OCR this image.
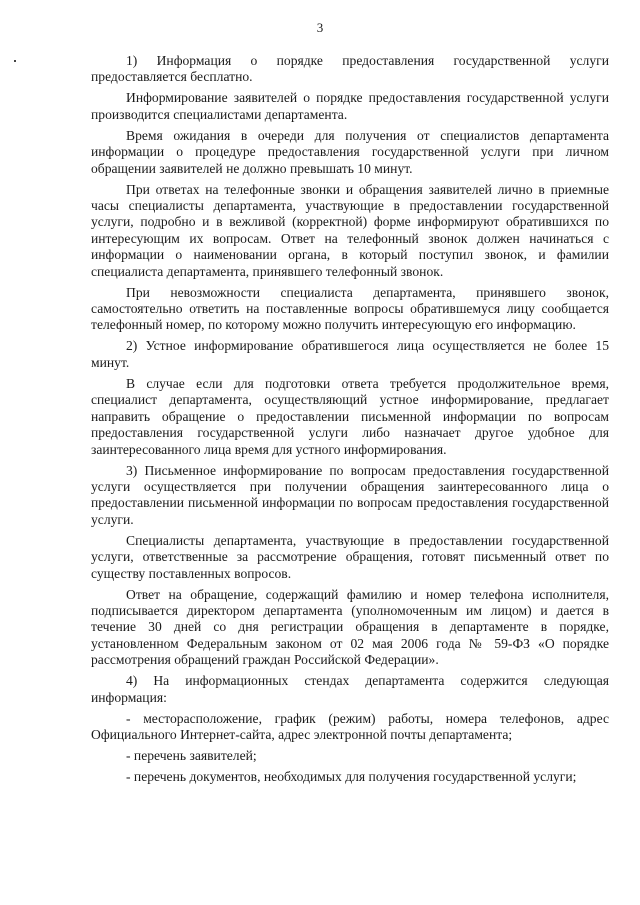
3

1) Информация о порядке предоставления государственной услуги предоставляется бесплатно.

Информирование заявителей о порядке предоставления государственной услуги производится специалистами департамента.

Время ожидания в очереди для получения от специалистов департамента информации о процедуре предоставления государственной услуги при личном обращении заявителей не должно превышать 10 минут.

При ответах на телефонные звонки и обращения заявителей лично в приемные часы специалисты департамента, участвующие в предоставлении государственной услуги, подробно и в вежливой (корректной) форме информируют обратившихся по интересующим их вопросам. Ответ на телефонный звонок должен начинаться с информации о наименовании органа, в который поступил звонок, и фамилии специалиста департамента, принявшего телефонный звонок.

При невозможности специалиста департамента, принявшего звонок, самостоятельно ответить на поставленные вопросы обратившемуся лицу сообщается телефонный номер, по которому можно получить интересующую его информацию.

2) Устное информирование обратившегося лица осуществляется не более 15 минут.

В случае если для подготовки ответа требуется продолжительное время, специалист департамента, осуществляющий устное информирование, предлагает направить обращение о предоставлении письменной информации по вопросам предоставления государственной услуги либо назначает другое удобное для заинтересованного лица время для устного информирования.

3) Письменное информирование по вопросам предоставления государственной услуги осуществляется при получении обращения заинтересованного лица о предоставлении письменной информации по вопросам предоставления государственной услуги.

Специалисты департамента, участвующие в предоставлении государственной услуги, ответственные за рассмотрение обращения, готовят письменный ответ по существу поставленных вопросов.

Ответ на обращение, содержащий фамилию и номер телефона исполнителя, подписывается директором департамента (уполномоченным им лицом) и дается в течение 30 дней со дня регистрации обращения в департаменте в порядке, установленном Федеральным законом от 02 мая 2006 года № 59-ФЗ «О порядке рассмотрения обращений граждан Российской Федерации».

4) На информационных стендах департамента содержится следующая информация:

- месторасположение, график (режим) работы, номера телефонов, адрес Официального Интернет-сайта, адрес электронной почты департамента;

- перечень заявителей;

- перечень документов, необходимых для получения государственной услуги;
